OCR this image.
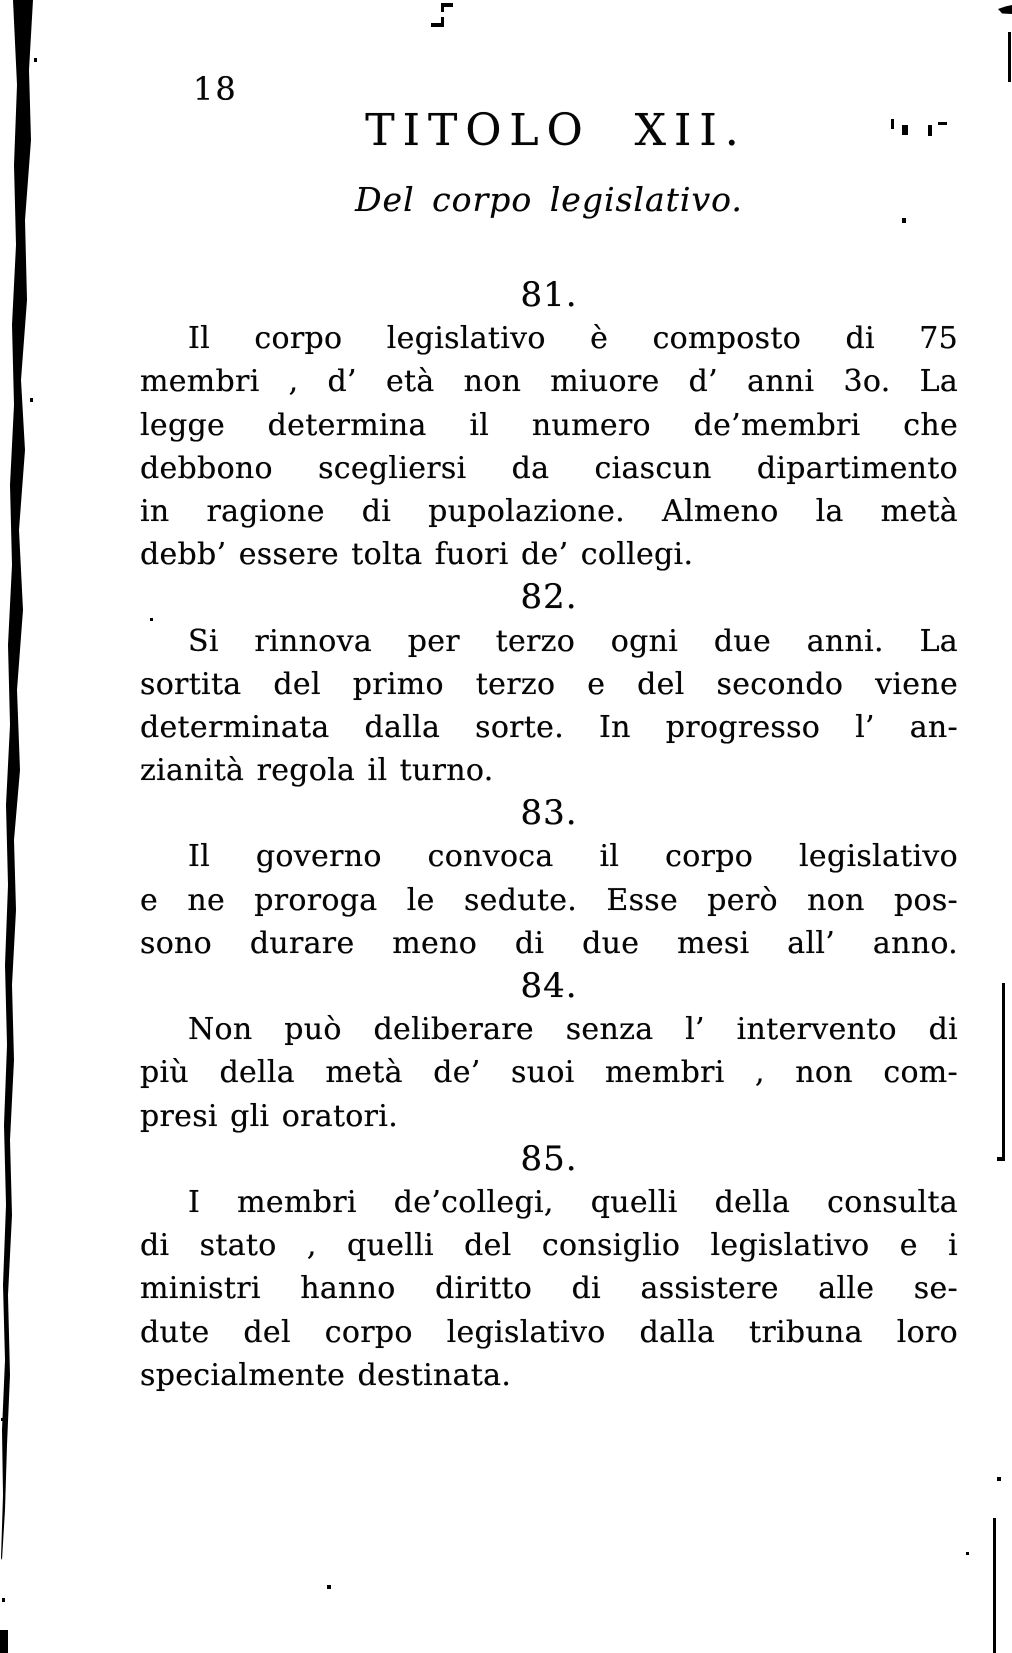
18
TITOLO XII.
Del corpo legislativo.
81.
Il corpo legislativo è composto di 75
membri , d’ età non miuore d’ anni 3o. La
legge determina il numero de’membri che
debbono scegliersi da ciascun dipartimento
in ragione di pupolazione. Almeno la metà
debb’ essere tolta fuori de’ collegi.
82.
Si rinnova per terzo ogni due anni. La
sortita del primo terzo e del secondo viene
determinata dalla sorte. In progresso l’ an-
zianità regola il turno.
83.
Il governo convoca il corpo legislativo
e ne proroga le sedute. Esse però non pos-
sono durare meno di due mesi all’ anno.
84.
Non può deliberare senza l’ intervento di
più della metà de’ suoi membri , non com-
presi gli oratori.
85.
I membri de’collegi, quelli della consulta
di stato , quelli del consiglio legislativo e i
ministri hanno diritto di assistere alle se-
dute del corpo legislativo dalla tribuna loro
specialmente destinata.
